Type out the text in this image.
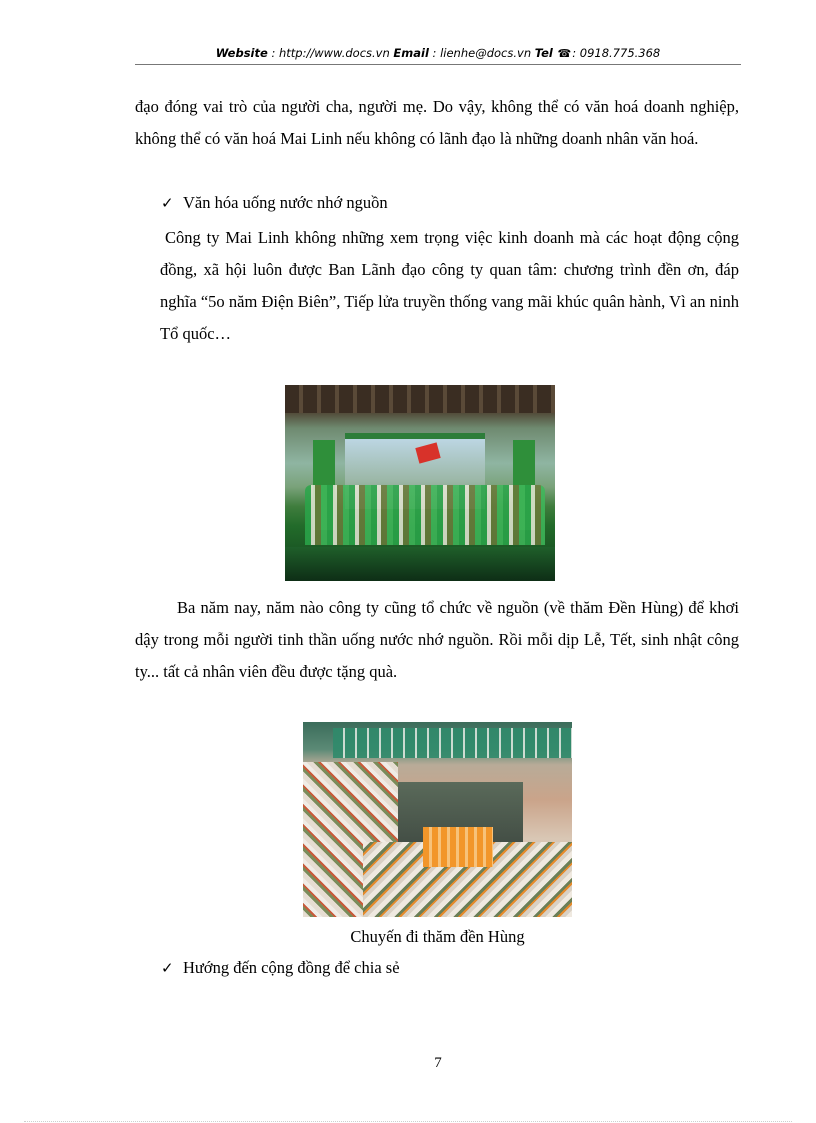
Website : http://www.docs.vn Email : lienhe@docs.vn Tel ☎: 0918.775.368
đạo đóng vai trò của người cha, người mẹ. Do vậy, không thể có văn hoá doanh nghiệp, không thể có văn hoá Mai Linh nếu không có lãnh đạo là những doanh nhân văn hoá.
✓ Văn hóa uống nước nhớ nguồn
Công ty Mai Linh không những xem trọng việc kinh doanh mà các hoạt động cộng đồng, xã hội luôn được Ban Lãnh đạo công ty quan tâm: chương trình đền ơn, đáp nghĩa “5o năm Điện Biên”, Tiếp lửa truyền thống vang mãi khúc quân hành, Vì an ninh Tổ quốc…
Ba năm nay, năm nào công ty cũng tổ chức về nguồn (về thăm Đền Hùng) để khơi dậy trong mỗi người tinh thần uống nước nhớ nguồn. Rồi mỗi dịp Lễ, Tết, sinh nhật công ty... tất cả nhân viên đều được tặng quà.
Chuyến đi thăm đền Hùng
✓ Hướng đến cộng đồng để chia sẻ
7
